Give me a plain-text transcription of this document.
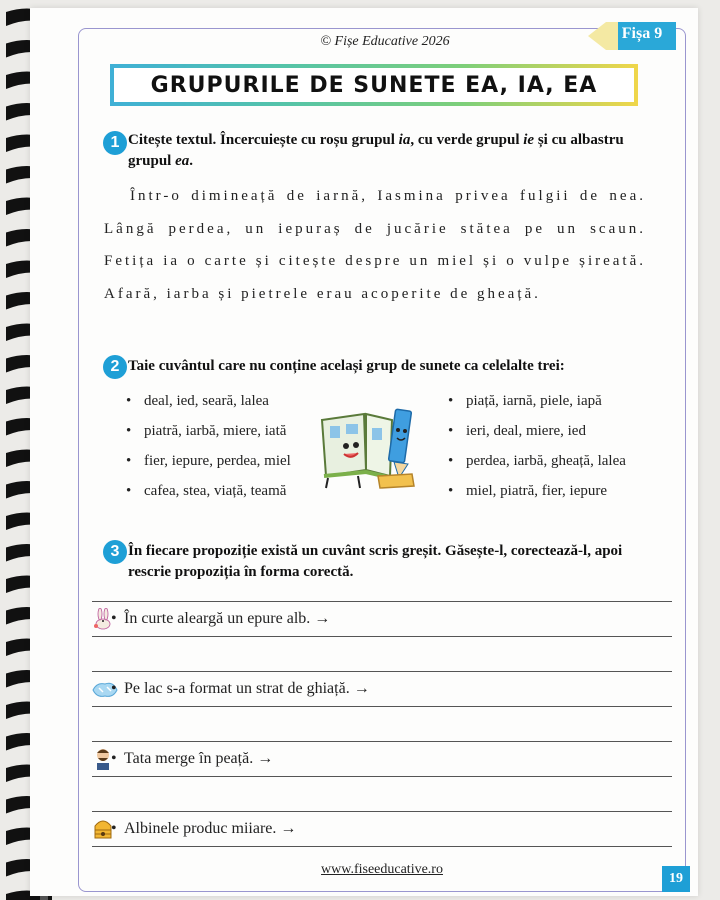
© Fișe Educative 2026	Fișa 9
GRUPURILE DE SUNETE EA, IA, EA
1 Citește textul. Încercuiește cu roșu grupul ia, cu verde grupul ie și cu albastru grupul ea.
Într-o dimineață de iarnă, Iasmina privea fulgii de nea. Lângă perdea, un iepuraș de jucărie stătea pe un scaun. Fetița ia o carte și citește despre un miel și o vulpe șireată. Afară, iarba și pietrele erau acoperite de gheață.
2 Taie cuvântul care nu conține același grup de sunete ca celelalte trei:
• deal, ied, seară, lalea
• piatră, iarbă, miere, iată
• fier, iepure, perdea, miel
• cafea, stea, viață, teamă
• piață, iarnă, piele, iapă
• ieri, deal, miere, ied
• perdea, iarbă, gheață, lalea
• miel, piatră, fier, iepure
3 În fiecare propoziție există un cuvânt scris greșit. Găsește-l, corectează-l, apoi rescrie propoziția în forma corectă.
• În curte aleargă un epure alb. →
• Pe lac s-a format un strat de ghiață. →
• Tata merge în peață. →
• Albinele produc miiare. →
www.fiseeducative.ro
19
